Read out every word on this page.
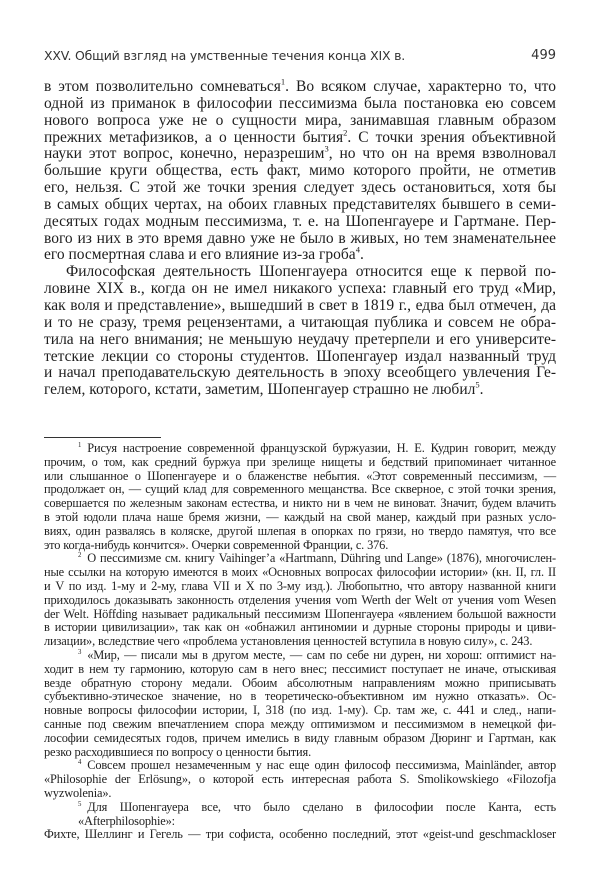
XXV. Общий взгляд на умственные течения конца XIX в.	499
в этом позволительно сомневаться$^1$. Во всяком случае, характерно то, что
одной из приманок в философии пессимизма была постановка ею совсем
нового вопроса уже не о сущности мира, занимавшая главным образом
прежних метафизиков, а о ценности бытия$^2$. С точки зрения объективной
науки этот вопрос, конечно, неразрешим$^3$, но что он на время взволновал
большие круги общества, есть факт, мимо которого пройти, не отметив
его, нельзя. С этой же точки зрения следует здесь остановиться, хотя бы
в самых общих чертах, на обоих главных представителях бывшего в семи-
десятых годах модным пессимизма, т. е. на Шопенгауере и Гартмане. Пер-
вого из них в это время давно уже не было в живых, но тем знаменательнее
его посмертная слава и его влияние из-за гроба$^4$.
Философская деятельность Шопенгауера относится еще к первой по-
ловине XIX в., когда он не имел никакого успеха: главный его труд «Мир,
как воля и представление», вышедший в свет в 1819 г., едва был отмечен, да
и то не сразу, тремя рецензентами, а читающая публика и совсем не обра-
тила на него внимания; не меньшую неудачу претерпели и его университе-
тетские лекции со стороны студентов. Шопенгауер издал названный труд
и начал преподавательскую деятельность в эпоху всеобщего увлечения Ге-
гелем, которого, кстати, заметим, Шопенгауер страшно не любил$^5$.
$^1$ Рисуя настроение современной французской буржуазии, Н. Е. Кудрин говорит, между
прочим, о том, как средний буржуа при зрелище нищеты и бедствий припоминает читанное
или слышанное о Шопенгауере и о блаженстве небытия. «Этот современный пессимизм, —
продолжает он, — сущий клад для современного мещанства. Все скверное, с этой точки зрения,
совершается по железным законам естества, и никто ни в чем не виноват. Значит, будем влачить
в этой юдоли плача наше бремя жизни, — каждый на свой манер, каждый при разных усло-
виях, один развалясь в коляске, другой шлепая в опорках по грязи, но твердо памятуя, что все
это когда-нибудь кончится». Очерки современной Франции, с. 376.
$^2$ О пессимизме см. книгу Vaihinger’a «Hartmann, Dühring und Lange» (1876), многочислен-
ные ссылки на которую имеются в моих «Основных вопросах философии истории» (кн. II, гл. II
и V по изд. 1-му и 2-му, глава VII и X по 3-му изд.). Любопытно, что автору названной книги
приходилось доказывать законность отделения учения vom Werth der Welt от учения vom Wesen
der Welt. Höffding называет радикальный пессимизм Шопенгауера «явлением большой важности
в истории цивилизации», так как он «обнажил антиномии и дурные стороны природы и циви-
лизации», вследствие чего «проблема установления ценностей вступила в новую силу», с. 243.
$^3$ «Мир, — писали мы в другом месте, — сам по себе ни дурен, ни хорош: оптимист на-
ходит в нем ту гармонию, которую сам в него внес; пессимист поступает не иначе, отыскивая
везде обратную сторону медали. Обоим абсолютным направлениям можно приписывать
субъективно-этическое значение, но в теоретическо-объективном им нужно отказать». Ос-
новные вопросы философии истории, I, 318 (по изд. 1-му). Ср. там же, с. 441 и след., напи-
санные под свежим впечатлением спора между оптимизмом и пессимизмом в немецкой фи-
лософии семидесятых годов, причем имелись в виду главным образом Дюринг и Гартман, как
резко расходившиеся по вопросу о ценности бытия.
$^4$ Совсем прошел незамеченным у нас еще один философ пессимизма, Mainländer, автор
«Philosophie der Erlösung», о которой есть интересная работа S. Smolikowskiego «Filozofja
wyzwolenia».
$^5$ Для Шопенгауера все, что было сделано в философии после Канта, есть «Afterphilosophie»:
Фихте, Шеллинг и Гегель — три софиста, особенно последний, этот «geist-und geschmackloser
